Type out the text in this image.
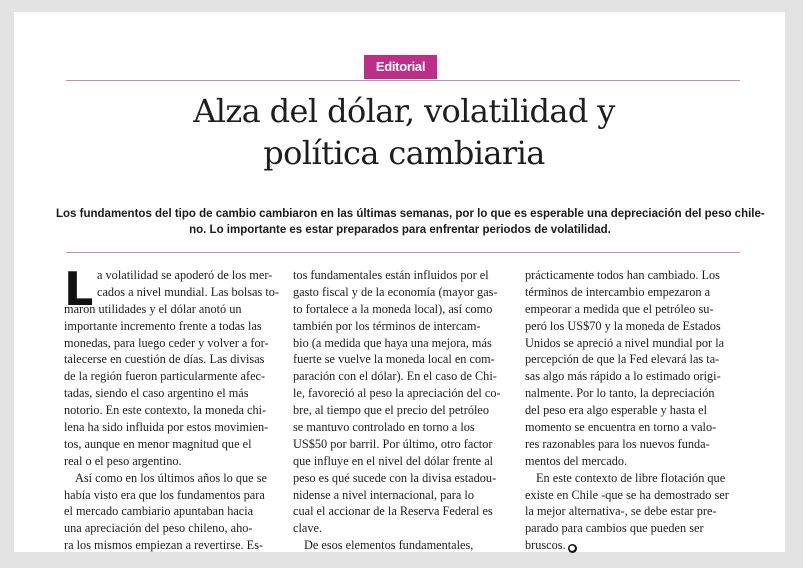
Editorial
Alza del dólar, volatilidad y
política cambiaria
Los fundamentos del tipo de cambio cambiaron en las últimas semanas, por lo que es esperable una depreciación del peso chile-
no. Lo importante es estar preparados para enfrentar periodos de volatilidad.
L a volatilidad se apoderó de los mer-
cados a nivel mundial. Las bolsas to-
maron utilidades y el dólar anotó un
importante incremento frente a todas las
monedas, para luego ceder y volver a for-
talecerse en cuestión de días. Las divisas
de la región fueron particularmente afec-
tadas, siendo el caso argentino el más
notorio. En este contexto, la moneda chi-
lena ha sido influida por estos movimien-
tos, aunque en menor magnitud que el
real o el peso argentino.
Así como en los últimos años lo que se
había visto era que los fundamentos para
el mercado cambiario apuntaban hacia
una apreciación del peso chileno, aho-
ra los mismos empiezan a revertirse. Es-
tos fundamentales están influidos por el
gasto fiscal y de la economía (mayor gas-
to fortalece a la moneda local), así como
también por los términos de intercam-
bio (a medida que haya una mejora, más
fuerte se vuelve la moneda local en com-
paración con el dólar). En el caso de Chi-
le, favoreció al peso la apreciación del co-
bre, al tiempo que el precio del petróleo
se mantuvo controlado en torno a los
US$50 por barril. Por último, otro factor
que influye en el nivel del dólar frente al
peso es qué sucede con la divisa estadou-
nidense a nivel internacional, para lo
cual el accionar de la Reserva Federal es
clave.
De esos elementos fundamentales,
prácticamente todos han cambiado. Los
términos de intercambio empezaron a
empeorar a medida que el petróleo su-
peró los US$70 y la moneda de Estados
Unidos se apreció a nivel mundial por la
percepción de que la Fed elevará las ta-
sas algo más rápido a lo estimado origi-
nalmente. Por lo tanto, la depreciación
del peso era algo esperable y hasta el
momento se encuentra en torno a valo-
res razonables para los nuevos funda-
mentos del mercado.
En este contexto de libre flotación que
existe en Chile -que se ha demostrado ser
la mejor alternativa-, se debe estar pre-
parado para cambios que pueden ser
bruscos. ●
